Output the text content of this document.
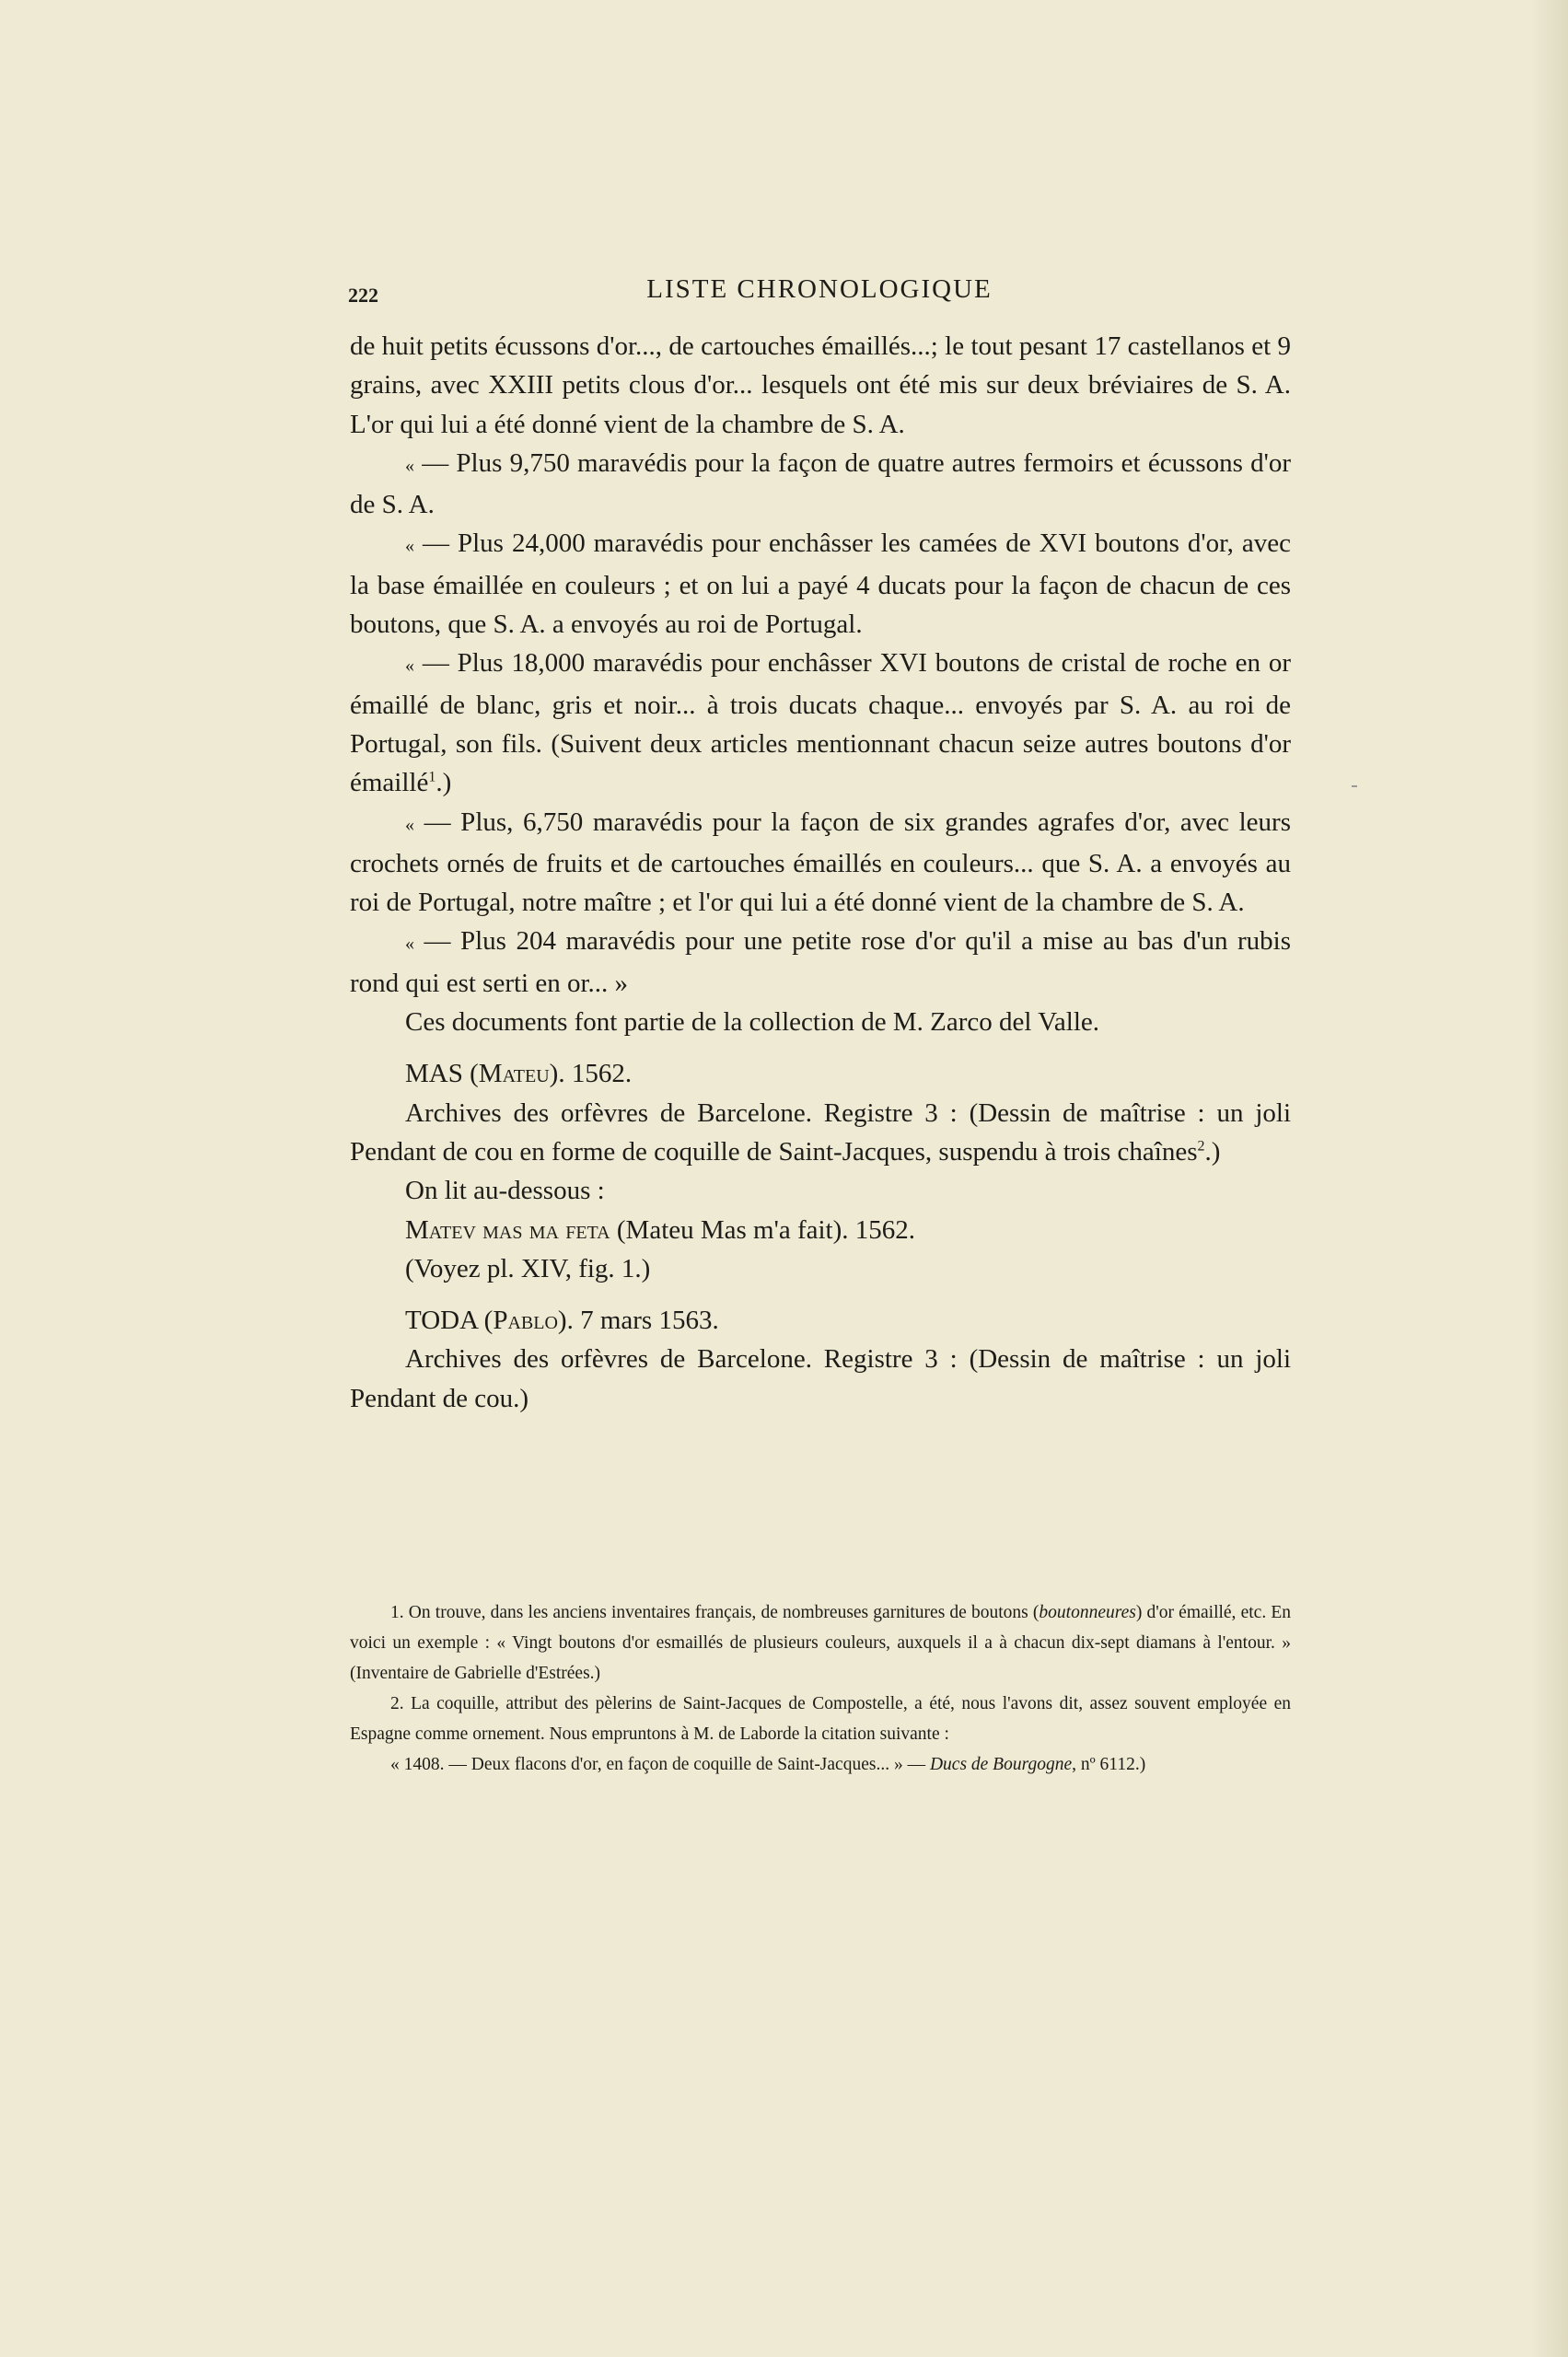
222	LISTE CHRONOLOGIQUE

de huit petits écussons d'or..., de cartouches émaillés...; le tout pesant 17 castellanos et 9 grains, avec XXIII petits clous d'or... lesquels ont été mis sur deux bréviaires de S. A. L'or qui lui a été donné vient de la chambre de S. A.

« — Plus 9,750 maravédis pour la façon de quatre autres fermoirs et écussons d'or de S. A.

« — Plus 24,000 maravédis pour enchâsser les camées de XVI boutons d'or, avec la base émaillée en couleurs ; et on lui a payé 4 ducats pour la façon de chacun de ces boutons, que S. A. a envoyés au roi de Portugal.

« — Plus 18,000 maravédis pour enchâsser XVI boutons de cristal de roche en or émaillé de blanc, gris et noir... à trois ducats chaque... envoyés par S. A. au roi de Portugal, son fils. (Suivent deux articles mentionnant chacun seize autres boutons d'or émaillé$^1$.)

« — Plus, 6,750 maravédis pour la façon de six grandes agrafes d'or, avec leurs crochets ornés de fruits et de cartouches émaillés en couleurs... que S. A. a envoyés au roi de Portugal, notre maître ; et l'or qui lui a été donné vient de la chambre de S. A.

« — Plus 204 maravédis pour une petite rose d'or qu'il a mise au bas d'un rubis rond qui est serti en or... »

Ces documents font partie de la collection de M. Zarco del Valle.

MAS (Mateu). 1562.

Archives des orfèvres de Barcelone. Registre 3 : (Dessin de maîtrise : un joli Pendant de cou en forme de coquille de Saint-Jacques, suspendu à trois chaînes$^2$.)

On lit au-dessous :

Matev mas ma feta (Mateu Mas m'a fait). 1562.

(Voyez pl. XIV, fig. 1.)

TODA (Pablo). 7 mars 1563.

Archives des orfèvres de Barcelone. Registre 3 : (Dessin de maîtrise : un joli Pendant de cou.)

1. On trouve, dans les anciens inventaires français, de nombreuses garnitures de boutons (boutonneures) d'or émaillé, etc. En voici un exemple : « Vingt boutons d'or esmaillés de plusieurs couleurs, auxquels il a à chacun dix-sept diamans à l'entour. » (Inventaire de Gabrielle d'Estrées.)

2. La coquille, attribut des pèlerins de Saint-Jacques de Compostelle, a été, nous l'avons dit, assez souvent employée en Espagne comme ornement. Nous empruntons à M. de Laborde la citation suivante :

« 1408. — Deux flacons d'or, en façon de coquille de Saint-Jacques... » — Ducs de Bourgogne, nº 6112.)
